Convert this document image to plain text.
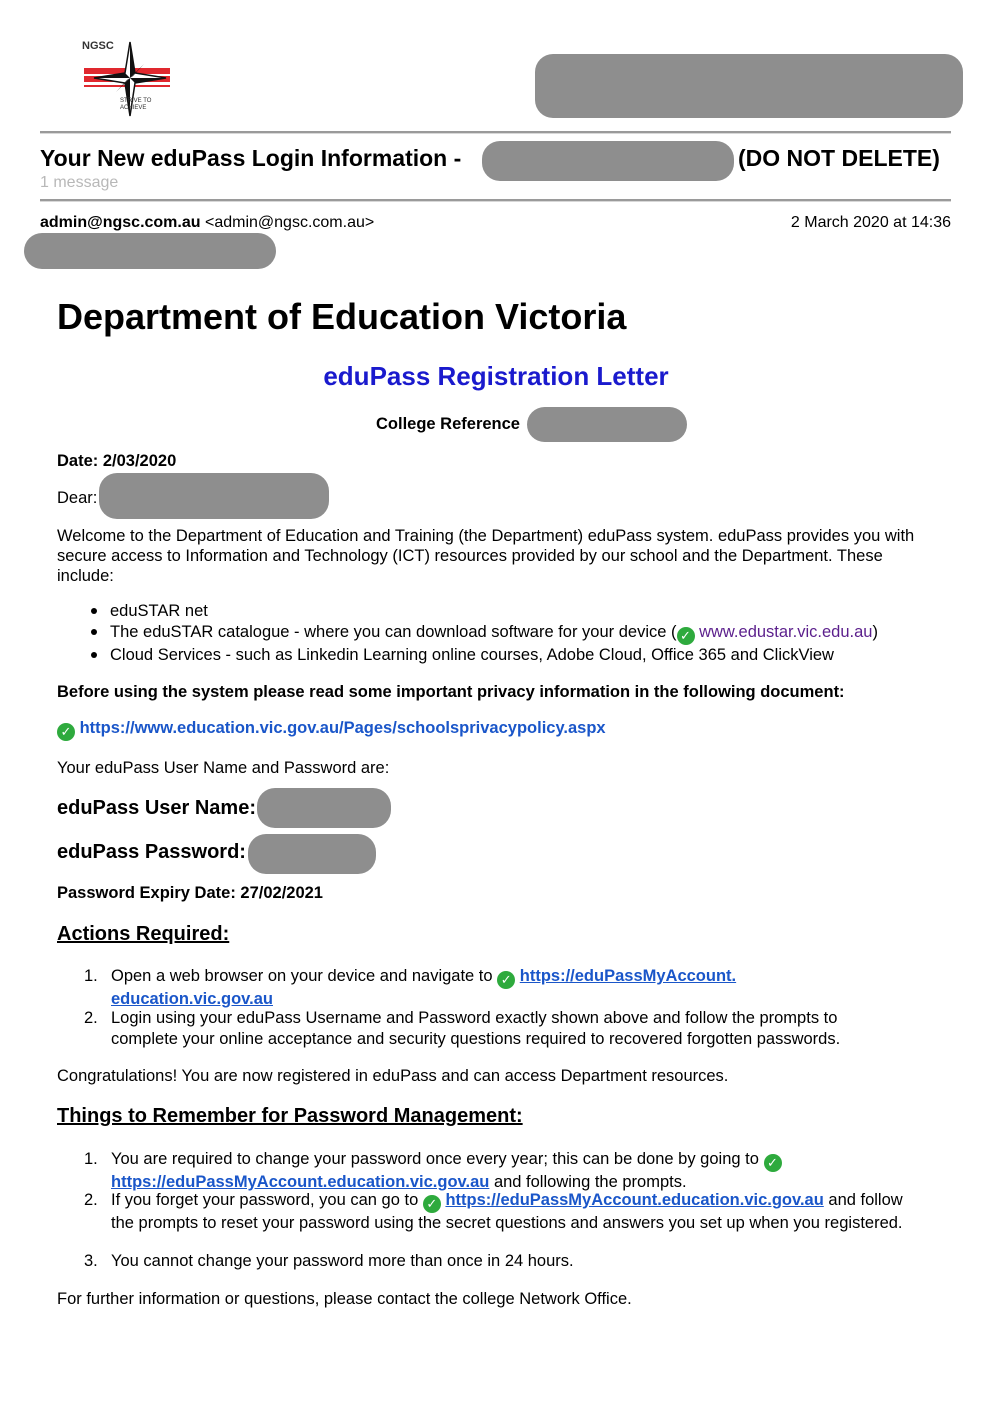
NGSC
STRIVE TO ACHIEVE
Your New eduPass Login Information -	(DO NOT DELETE)
1 message
admin@ngsc.com.au <admin@ngsc.com.au>	2 March 2020 at 14:36
Department of Education Victoria
eduPass Registration Letter
College Reference
Date: 2/03/2020
Dear:
Welcome to the Department of Education and Training (the Department) eduPass system. eduPass provides you with secure access to Information and Technology (ICT) resources provided by our school and the Department. These include:
eduSTAR net
The eduSTAR catalogue - where you can download software for your device ( ✓ www.edustar.vic.edu.au)
Cloud Services - such as Linkedin Learning online courses, Adobe Cloud, Office 365 and ClickView
Before using the system please read some important privacy information in the following document:
✓ https://www.education.vic.gov.au/Pages/schoolsprivacypolicy.aspx
Your eduPass User Name and Password are:
eduPass User Name:
eduPass Password:
Password Expiry Date: 27/02/2021
Actions Required:
1. Open a web browser on your device and navigate to ✓ https://eduPassMyAccount.
education.vic.gov.au
2. Login using your eduPass Username and Password exactly shown above and follow the prompts to complete your online acceptance and security questions required to recovered forgotten passwords.
Congratulations! You are now registered in eduPass and can access Department resources.
Things to Remember for Password Management:
1. You are required to change your password once every year; this can be done by going to ✓
https://eduPassMyAccount.education.vic.gov.au and following the prompts.
2. If you forget your password, you can go to ✓ https://eduPassMyAccount.education.vic.gov.au and follow the prompts to reset your password using the secret questions and answers you set up when you registered.
3. You cannot change your password more than once in 24 hours.
For further information or questions, please contact the college Network Office.
